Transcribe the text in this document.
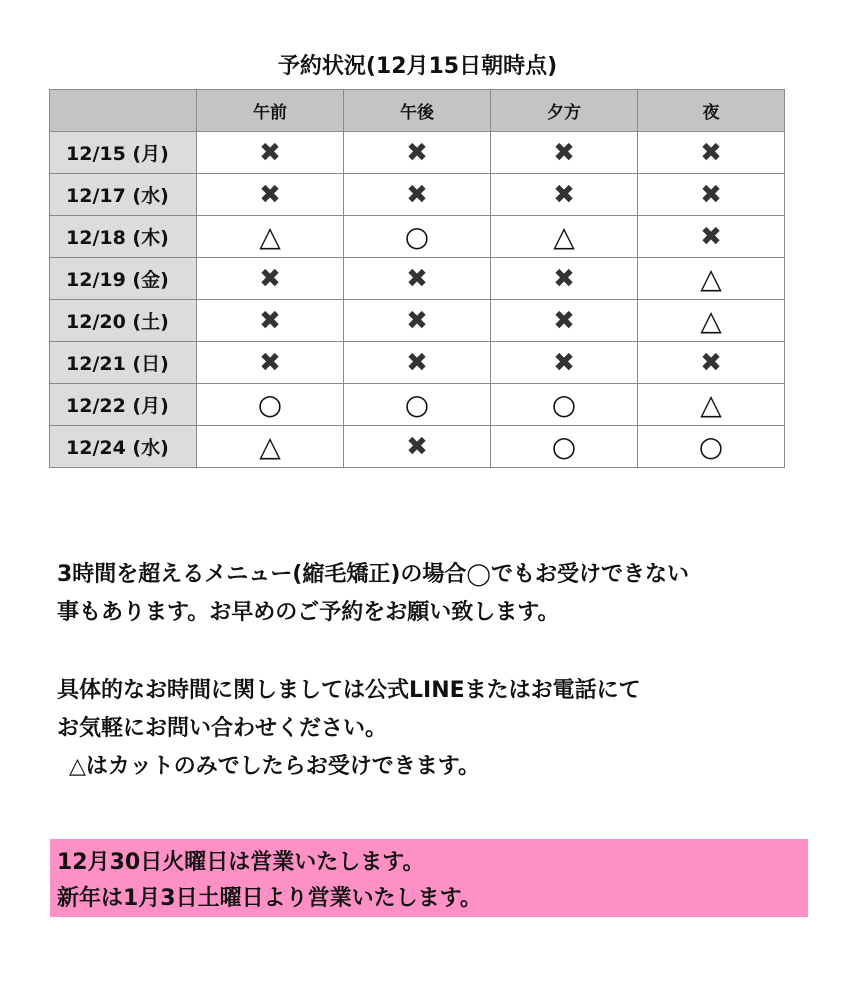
予約状況(12月15日朝時点)
	午前	午後	夕方	夜
12/15 (月)	✖	✖	✖	✖
12/17 (水)	✖	✖	✖	✖
12/18 (木)	△	○	△	✖
12/19 (金)	✖	✖	✖	△
12/20 (土)	✖	✖	✖	△
12/21 (日)	✖	✖	✖	✖
12/22 (月)	○	○	○	△
12/24 (水)	△	✖	○	○
3時間を超えるメニュー(縮毛矯正)の場合◯でもお受けできない
事もあります。お早めのご予約をお願い致します。
具体的なお時間に関しましては公式LINEまたはお電話にて
お気軽にお問い合わせください。
△はカットのみでしたらお受けできます。
12月30日火曜日は営業いたします。
新年は1月3日土曜日より営業いたします。
